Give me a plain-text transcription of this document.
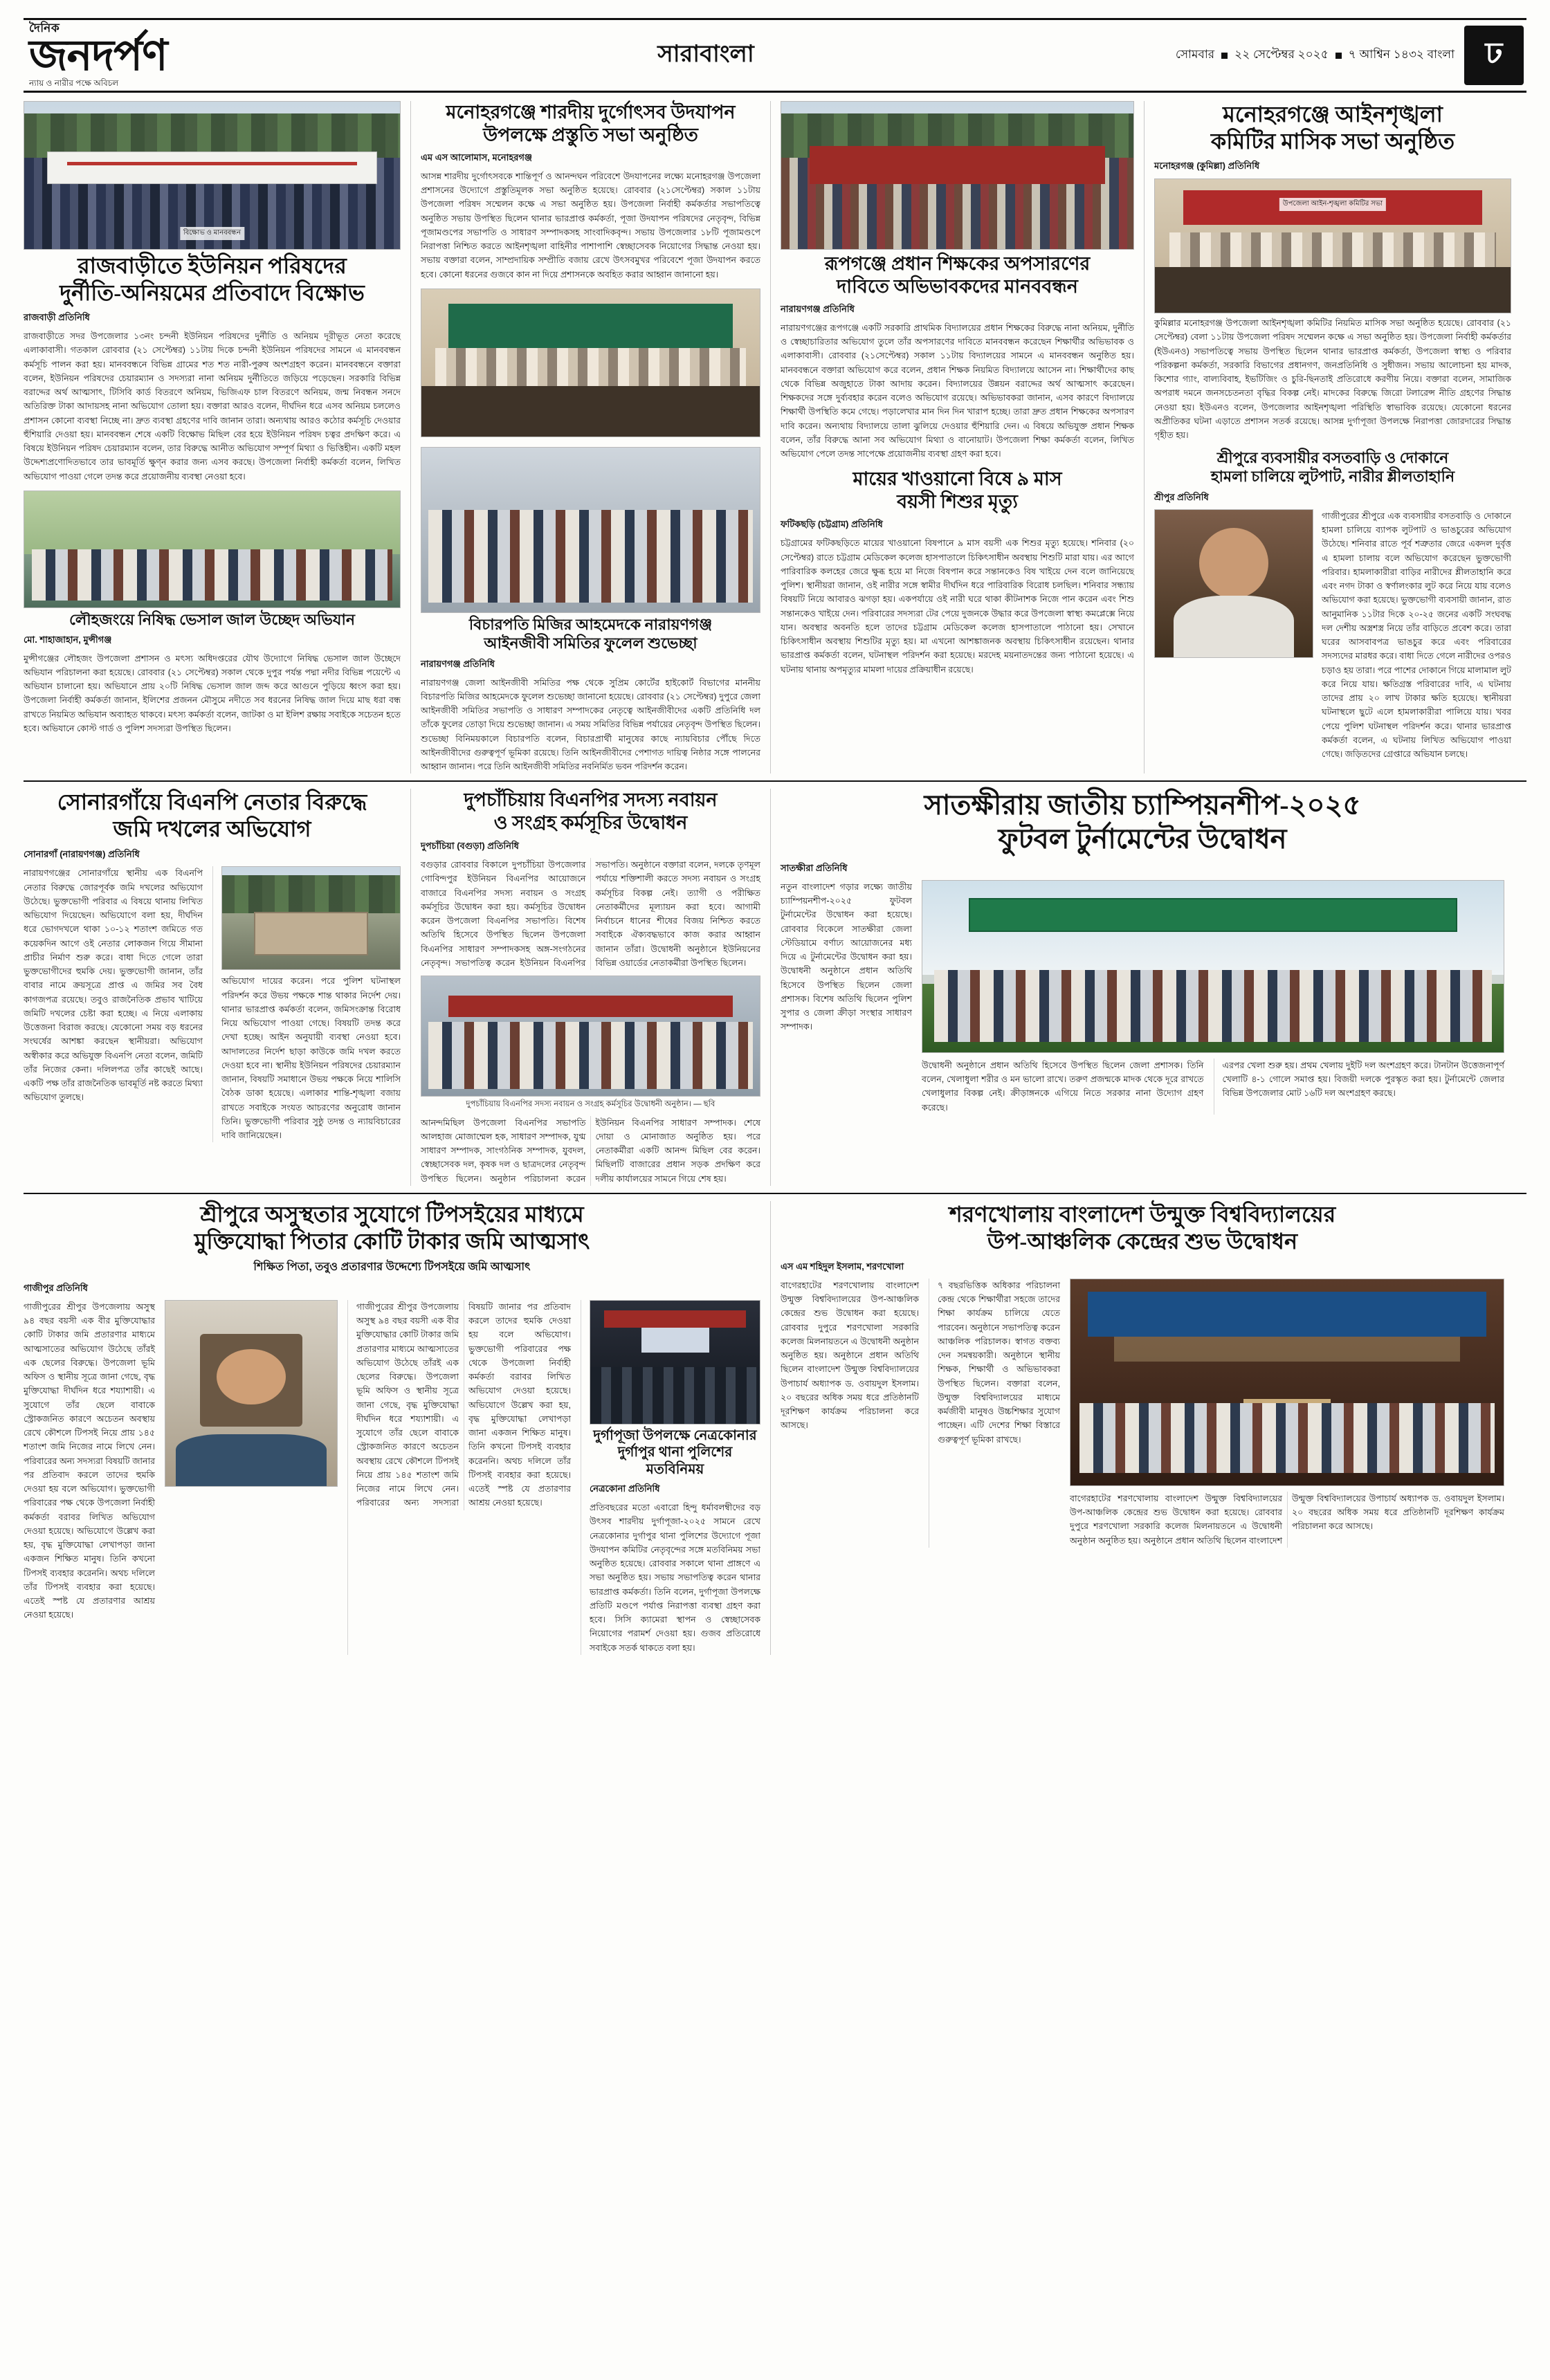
দৈনিক
জনদর্পণ
ন্যায় ও নারীর পক্ষে অবিচল
সারাবাংলা	সোমবার ২২ সেপ্টেম্বর ২০২৫ ৭ আশ্বিন ১৪৩২ বাংলা	ঢ
বিক্ষোভ ও মানববন্ধন
রাজবাড়ীতে ইউনিয়ন পরিষদের
দুর্নীতি-অনিয়মের প্রতিবাদে বিক্ষোভ
রাজবাড়ী প্রতিনিধি
রাজবাড়ীতে সদর উপজেলার ১৩নং চন্দনী ইউনিয়ন পরিষদের দুর্নীতি ও অনিয়ম দূরীভূত নেতা করেছে এলাকাবাসী। গতকাল রোববার (২১ সেপ্টেম্বর) ১১টায় দিকে চন্দনী ইউনিয়ন পরিষদের সামনে এ মানববন্ধন কর্মসূচি পালন করা হয়। মানববন্ধনে বিভিন্ন গ্রামের শত শত নারী-পুরুষ অংশগ্রহণ করেন। মানববন্ধনে বক্তারা বলেন, ইউনিয়ন পরিষদের চেয়ারম্যান ও সদস্যরা নানা অনিয়ম দুর্নীতিতে জড়িয়ে পড়েছেন। সরকারি বিভিন্ন বরাদ্দের অর্থ আত্মসাৎ, টিসিবি কার্ড বিতরণে অনিয়ম, ভিজিএফ চাল বিতরণে অনিয়ম, জন্ম নিবন্ধন সনদে অতিরিক্ত টাকা আদায়সহ নানা অভিযোগ তোলা হয়। বক্তারা আরও বলেন, দীর্ঘদিন ধরে এসব অনিয়ম চললেও প্রশাসন কোনো ব্যবস্থা নিচ্ছে না। দ্রুত ব্যবস্থা গ্রহণের দাবি জানান তারা। অন্যথায় আরও কঠোর কর্মসূচি দেওয়ার হুঁশিয়ারি দেওয়া হয়। মানববন্ধন শেষে একটি বিক্ষোভ মিছিল বের হয়ে ইউনিয়ন পরিষদ চত্বর প্রদক্ষিণ করে। এ বিষয়ে ইউনিয়ন পরিষদ চেয়ারম্যান বলেন, তার বিরুদ্ধে আনীত অভিযোগ সম্পূর্ণ মিথ্যা ও ভিত্তিহীন। একটি মহল উদ্দেশ্যপ্রণোদিতভাবে তার ভাবমূর্তি ক্ষুণ্ন করার জন্য এসব করছে। উপজেলা নির্বাহী কর্মকর্তা বলেন, লিখিত অভিযোগ পাওয়া গেলে তদন্ত করে প্রয়োজনীয় ব্যবস্থা নেওয়া হবে।
লৌহজংয়ে নিষিদ্ধ ভেসাল জাল উচ্ছেদ অভিযান
মো. শাহাজাহান, মুন্সীগঞ্জ
মুন্সীগঞ্জের লৌহজং উপজেলা প্রশাসন ও মৎস্য অধিদপ্তরের যৌথ উদ্যোগে নিষিদ্ধ ভেসাল জাল উচ্ছেদে অভিযান পরিচালনা করা হয়েছে। রোববার (২১ সেপ্টেম্বর) সকাল থেকে দুপুর পর্যন্ত পদ্মা নদীর বিভিন্ন পয়েন্টে এ অভিযান চালানো হয়। অভিযানে প্রায় ২০টি নিষিদ্ধ ভেসাল জাল জব্দ করে আগুনে পুড়িয়ে ধ্বংস করা হয়। উপজেলা নির্বাহী কর্মকর্তা জানান, ইলিশের প্রজনন মৌসুমে নদীতে সব ধরনের নিষিদ্ধ জাল দিয়ে মাছ ধরা বন্ধ রাখতে নিয়মিত অভিযান অব্যাহত থাকবে। মৎস্য কর্মকর্তা বলেন, জাটকা ও মা ইলিশ রক্ষায় সবাইকে সচেতন হতে হবে। অভিযানে কোস্ট গার্ড ও পুলিশ সদস্যরা উপস্থিত ছিলেন।
মনোহরগঞ্জে শারদীয় দুর্গোৎসব উদযাপন
উপলক্ষে প্রস্তুতি সভা অনুষ্ঠিত
এম এস আলোমাস, মনোহরগঞ্জ
আসন্ন শারদীয় দুর্গোৎসবকে শান্তিপূর্ণ ও আনন্দঘন পরিবেশে উদযাপনের লক্ষ্যে মনোহরগঞ্জ উপজেলা প্রশাসনের উদ্যোগে প্রস্তুতিমূলক সভা অনুষ্ঠিত হয়েছে। রোববার (২১সেপ্টেম্বর) সকাল ১১টায় উপজেলা পরিষদ সম্মেলন কক্ষে এ সভা অনুষ্ঠিত হয়। উপজেলা নির্বাহী কর্মকর্তার সভাপতিত্বে অনুষ্ঠিত সভায় উপস্থিত ছিলেন থানার ভারপ্রাপ্ত কর্মকর্তা, পূজা উদযাপন পরিষদের নেতৃবৃন্দ, বিভিন্ন পূজামণ্ডপের সভাপতি ও সাধারণ সম্পাদকসহ সাংবাদিকবৃন্দ। সভায় উপজেলার ১৮টি পূজামণ্ডপে নিরাপত্তা নিশ্চিত করতে আইনশৃঙ্খলা বাহিনীর পাশাপাশি স্বেচ্ছাসেবক নিয়োগের সিদ্ধান্ত নেওয়া হয়। সভায় বক্তারা বলেন, সাম্প্রদায়িক সম্প্রীতি বজায় রেখে উৎসবমুখর পরিবেশে পূজা উদযাপন করতে হবে। কোনো ধরনের গুজবে কান না দিয়ে প্রশাসনকে অবহিত করার আহ্বান জানানো হয়।
বিচারপতি মিজির আহমেদকে নারায়ণগঞ্জ
আইনজীবী সমিতির ফুলেল শুভেচ্ছা
নারায়ণগঞ্জ প্রতিনিধি
নারায়ণগঞ্জ জেলা আইনজীবী সমিতির পক্ষ থেকে সুপ্রিম কোর্টের হাইকোর্ট বিভাগের মাননীয় বিচারপতি মিজির আহমেদকে ফুলেল শুভেচ্ছা জানানো হয়েছে। রোববার (২১ সেপ্টেম্বর) দুপুরে জেলা আইনজীবী সমিতির সভাপতি ও সাধারণ সম্পাদকের নেতৃত্বে আইনজীবীদের একটি প্রতিনিধি দল তাঁকে ফুলের তোড়া দিয়ে শুভেচ্ছা জানান। এ সময় সমিতির বিভিন্ন পর্যায়ের নেতৃবৃন্দ উপস্থিত ছিলেন। শুভেচ্ছা বিনিময়কালে বিচারপতি বলেন, বিচারপ্রার্থী মানুষের কাছে ন্যায়বিচার পৌঁছে দিতে আইনজীবীদের গুরুত্বপূর্ণ ভূমিকা রয়েছে। তিনি আইনজীবীদের পেশাগত দায়িত্ব নিষ্ঠার সঙ্গে পালনের আহ্বান জানান। পরে তিনি আইনজীবী সমিতির নবনির্মিত ভবন পরিদর্শন করেন।
রূপগঞ্জে প্রধান শিক্ষকের অপসারণের
দাবিতে অভিভাবকদের মানববন্ধন
নারায়ণগঞ্জ প্রতিনিধি
নারায়ণগঞ্জের রূপগঞ্জে একটি সরকারি প্রাথমিক বিদ্যালয়ের প্রধান শিক্ষকের বিরুদ্ধে নানা অনিয়ম, দুর্নীতি ও স্বেচ্ছাচারিতার অভিযোগ তুলে তাঁর অপসারণের দাবিতে মানববন্ধন করেছেন শিক্ষার্থীর অভিভাবক ও এলাকাবাসী। রোববার (২১সেপ্টেম্বর) সকাল ১১টায় বিদ্যালয়ের সামনে এ মানববন্ধন অনুষ্ঠিত হয়। মানববন্ধনে বক্তারা অভিযোগ করে বলেন, প্রধান শিক্ষক নিয়মিত বিদ্যালয়ে আসেন না। শিক্ষার্থীদের কাছ থেকে বিভিন্ন অজুহাতে টাকা আদায় করেন। বিদ্যালয়ের উন্নয়ন বরাদ্দের অর্থ আত্মসাৎ করেছেন। শিক্ষকদের সঙ্গে দুর্ব্যবহার করেন বলেও অভিযোগ রয়েছে। অভিভাবকরা জানান, এসব কারণে বিদ্যালয়ে শিক্ষার্থী উপস্থিতি কমে গেছে। পড়ালেখার মান দিন দিন খারাপ হচ্ছে। তারা দ্রুত প্রধান শিক্ষকের অপসারণ দাবি করেন। অন্যথায় বিদ্যালয়ে তালা ঝুলিয়ে দেওয়ার হুঁশিয়ারি দেন। এ বিষয়ে অভিযুক্ত প্রধান শিক্ষক বলেন, তাঁর বিরুদ্ধে আনা সব অভিযোগ মিথ্যা ও বানোয়াট। উপজেলা শিক্ষা কর্মকর্তা বলেন, লিখিত অভিযোগ পেলে তদন্ত সাপেক্ষে প্রয়োজনীয় ব্যবস্থা গ্রহণ করা হবে।
মায়ের খাওয়ানো বিষে ৯ মাস
বয়সী শিশুর মৃত্যু
ফটিকছড়ি (চট্টগ্রাম) প্রতিনিধি
চট্টগ্রামের ফটিকছড়িতে মায়ের খাওয়ানো বিষপানে ৯ মাস বয়সী এক শিশুর মৃত্যু হয়েছে। শনিবার (২০ সেপ্টেম্বর) রাতে চট্টগ্রাম মেডিকেল কলেজ হাসপাতালে চিকিৎসাধীন অবস্থায় শিশুটি মারা যায়। এর আগে পারিবারিক কলহের জেরে ক্ষুব্ধ হয়ে মা নিজে বিষপান করে সন্তানকেও বিষ খাইয়ে দেন বলে জানিয়েছে পুলিশ। স্থানীয়রা জানান, ওই নারীর সঙ্গে স্বামীর দীর্ঘদিন ধরে পারিবারিক বিরোধ চলছিল। শনিবার সন্ধ্যায় বিষয়টি নিয়ে আবারও ঝগড়া হয়। একপর্যায়ে ওই নারী ঘরে থাকা কীটনাশক নিজে পান করেন এবং শিশু সন্তানকেও খাইয়ে দেন। পরিবারের সদস্যরা টের পেয়ে দুজনকে উদ্ধার করে উপজেলা স্বাস্থ্য কমপ্লেক্সে নিয়ে যান। অবস্থার অবনতি হলে তাদের চট্টগ্রাম মেডিকেল কলেজ হাসপাতালে পাঠানো হয়। সেখানে চিকিৎসাধীন অবস্থায় শিশুটির মৃত্যু হয়। মা এখনো আশঙ্কাজনক অবস্থায় চিকিৎসাধীন রয়েছেন। থানার ভারপ্রাপ্ত কর্মকর্তা বলেন, ঘটনাস্থল পরিদর্শন করা হয়েছে। মরদেহ ময়নাতদন্তের জন্য পাঠানো হয়েছে। এ ঘটনায় থানায় অপমৃত্যুর মামলা দায়ের প্রক্রিয়াধীন রয়েছে।
মনোহরগঞ্জে আইনশৃঙ্খলা
কমিটির মাসিক সভা অনুষ্ঠিত
মনোহরগঞ্জ (কুমিল্লা) প্রতিনিধি
উপজেলা আইন-শৃঙ্খলা কমিটির সভা
কুমিল্লার মনোহরগঞ্জ উপজেলা আইনশৃঙ্খলা কমিটির নিয়মিত মাসিক সভা অনুষ্ঠিত হয়েছে। রোববার (২১ সেপ্টেম্বর) বেলা ১১টায় উপজেলা পরিষদ সম্মেলন কক্ষে এ সভা অনুষ্ঠিত হয়। উপজেলা নির্বাহী কর্মকর্তার (ইউএনও) সভাপতিত্বে সভায় উপস্থিত ছিলেন থানার ভারপ্রাপ্ত কর্মকর্তা, উপজেলা স্বাস্থ্য ও পরিবার পরিকল্পনা কর্মকর্তা, সরকারি বিভাগের প্রধানগণ, জনপ্রতিনিধি ও সুধীজন। সভায় আলোচনা হয় মাদক, কিশোর গ্যাং, বাল্যবিবাহ, ইভটিজিং ও চুরি-ছিনতাই প্রতিরোধে করণীয় নিয়ে। বক্তারা বলেন, সামাজিক অপরাধ দমনে জনসচেতনতা বৃদ্ধির বিকল্প নেই। মাদকের বিরুদ্ধে জিরো টলারেন্স নীতি গ্রহণের সিদ্ধান্ত নেওয়া হয়। ইউএনও বলেন, উপজেলার আইনশৃঙ্খলা পরিস্থিতি স্বাভাবিক রয়েছে। যেকোনো ধরনের অপ্রীতিকর ঘটনা এড়াতে প্রশাসন সতর্ক রয়েছে। আসন্ন দুর্গাপূজা উপলক্ষে নিরাপত্তা জোরদারের সিদ্ধান্ত গৃহীত হয়।
শ্রীপুরে ব্যবসায়ীর বসতবাড়ি ও দোকানে
হামলা চালিয়ে লুটপাট, নারীর শ্লীলতাহানি
শ্রীপুর প্রতিনিধি
গাজীপুরের শ্রীপুরে এক ব্যবসায়ীর বসতবাড়ি ও দোকানে হামলা চালিয়ে ব্যাপক লুটপাট ও ভাঙচুরের অভিযোগ উঠেছে। শনিবার রাতে পূর্ব শত্রুতার জেরে একদল দুর্বৃত্ত এ হামলা চালায় বলে অভিযোগ করেছেন ভুক্তভোগী পরিবার। হামলাকারীরা বাড়ির নারীদের শ্লীলতাহানি করে এবং নগদ টাকা ও স্বর্ণালংকার লুট করে নিয়ে যায় বলেও অভিযোগ করা হয়েছে। ভুক্তভোগী ব্যবসায়ী জানান, রাত আনুমানিক ১১টার দিকে ২০-২৫ জনের একটি সংঘবদ্ধ দল দেশীয় অস্ত্রশস্ত্র নিয়ে তাঁর বাড়িতে প্রবেশ করে। তারা ঘরের আসবাবপত্র ভাঙচুর করে এবং পরিবারের সদস্যদের মারধর করে। বাধা দিতে গেলে নারীদের ওপরও চড়াও হয় তারা। পরে পাশের দোকানে গিয়ে মালামাল লুট করে নিয়ে যায়। ক্ষতিগ্রস্ত পরিবারের দাবি, এ ঘটনায় তাদের প্রায় ২০ লাখ টাকার ক্ষতি হয়েছে। স্থানীয়রা ঘটনাস্থলে ছুটে এলে হামলাকারীরা পালিয়ে যায়। খবর পেয়ে পুলিশ ঘটনাস্থল পরিদর্শন করে। থানার ভারপ্রাপ্ত কর্মকর্তা বলেন, এ ঘটনায় লিখিত অভিযোগ পাওয়া গেছে। জড়িতদের গ্রেপ্তারে অভিযান চলছে।
সোনারগাঁয়ে বিএনপি নেতার বিরুদ্ধে
জমি দখলের অভিযোগ
সোনারগাঁ (নারায়ণগঞ্জ) প্রতিনিধি
নারায়ণগঞ্জের সোনারগাঁয়ে স্থানীয় এক বিএনপি নেতার বিরুদ্ধে জোরপূর্বক জমি দখলের অভিযোগ উঠেছে। ভুক্তভোগী পরিবার এ বিষয়ে থানায় লিখিত অভিযোগ দিয়েছেন। অভিযোগে বলা হয়, দীর্ঘদিন ধরে ভোগদখলে থাকা ১০-১২ শতাংশ জমিতে গত কয়েকদিন আগে ওই নেতার লোকজন গিয়ে সীমানা প্রাচীর নির্মাণ শুরু করে। বাধা দিতে গেলে তারা ভুক্তভোগীদের হুমকি দেয়। ভুক্তভোগী জানান, তাঁর বাবার নামে ক্রয়সূত্রে প্রাপ্ত এ জমির সব বৈধ কাগজপত্র রয়েছে। তবুও রাজনৈতিক প্রভাব খাটিয়ে জমিটি দখলের চেষ্টা করা হচ্ছে। এ নিয়ে এলাকায় উত্তেজনা বিরাজ করছে। যেকোনো সময় বড় ধরনের সংঘর্ষের আশঙ্কা করছেন স্থানীয়রা। অভিযোগ অস্বীকার করে অভিযুক্ত বিএনপি নেতা বলেন, জমিটি তাঁর নিজের কেনা। দলিলপত্র তাঁর কাছেই আছে। একটি পক্ষ তাঁর রাজনৈতিক ভাবমূর্তি নষ্ট করতে মিথ্যা অভিযোগ তুলছে।
অভিযোগ দায়ের করেন। পরে পুলিশ ঘটনাস্থল পরিদর্শন করে উভয় পক্ষকে শান্ত থাকার নির্দেশ দেয়। থানার ভারপ্রাপ্ত কর্মকর্তা বলেন, জমিসংক্রান্ত বিরোধ নিয়ে অভিযোগ পাওয়া গেছে। বিষয়টি তদন্ত করে দেখা হচ্ছে। আইন অনুযায়ী ব্যবস্থা নেওয়া হবে। আদালতের নির্দেশ ছাড়া কাউকে জমি দখল করতে দেওয়া হবে না। স্থানীয় ইউনিয়ন পরিষদের চেয়ারম্যান জানান, বিষয়টি সমাধানে উভয় পক্ষকে নিয়ে শালিসি বৈঠক ডাকা হয়েছে। এলাকার শান্তি-শৃঙ্খলা বজায় রাখতে সবাইকে সংযত আচরণের অনুরোধ জানান তিনি। ভুক্তভোগী পরিবার সুষ্ঠু তদন্ত ও ন্যায়বিচারের দাবি জানিয়েছেন।
দুপচাঁচিয়ায় বিএনপির সদস্য নবায়ন
ও সংগ্রহ কর্মসূচির উদ্বোধন
দুপচাঁচিয়া (বগুড়া) প্রতিনিধি
বগুড়ার রোববার বিকালে দুপচাঁচিয়া উপজেলার গোবিন্দপুর ইউনিয়ন বিএনপির আয়োজনে বাজারে বিএনপির সদস্য নবায়ন ও সংগ্রহ কর্মসূচির উদ্বোধন করা হয়। কর্মসূচির উদ্বোধন করেন উপজেলা বিএনপির সভাপতি। বিশেষ অতিথি হিসেবে উপস্থিত ছিলেন উপজেলা বিএনপির সাধারণ সম্পাদকসহ অঙ্গ-সংগঠনের নেতৃবৃন্দ। সভাপতিত্ব করেন ইউনিয়ন বিএনপির সভাপতি। অনুষ্ঠানে বক্তারা বলেন, দলকে তৃণমূল পর্যায়ে শক্তিশালী করতে সদস্য নবায়ন ও সংগ্রহ কর্মসূচির বিকল্প নেই। ত্যাগী ও পরীক্ষিত নেতাকর্মীদের মূল্যায়ন করা হবে। আগামী নির্বাচনে ধানের শীষের বিজয় নিশ্চিত করতে সবাইকে ঐক্যবদ্ধভাবে কাজ করার আহ্বান জানান তাঁরা। উদ্বোধনী অনুষ্ঠানে ইউনিয়নের বিভিন্ন ওয়ার্ডের নেতাকর্মীরা উপস্থিত ছিলেন।
দুপচাঁচিয়ায় বিএনপির সদস্য নবায়ন ও সংগ্রহ কর্মসূচির উদ্বোধনী অনুষ্ঠান। — ছবি
আনন্দমিছিল উপজেলা বিএনপির সভাপতি আলহাজ মোজাম্মেল হক, সাধারণ সম্পাদক, যুগ্ম সাধারণ সম্পাদক, সাংগঠনিক সম্পাদক, যুবদল, স্বেচ্ছাসেবক দল, কৃষক দল ও ছাত্রদলের নেতৃবৃন্দ উপস্থিত ছিলেন। অনুষ্ঠান পরিচালনা করেন ইউনিয়ন বিএনপির সাধারণ সম্পাদক। শেষে দোয়া ও মোনাজাত অনুষ্ঠিত হয়। পরে নেতাকর্মীরা একটি আনন্দ মিছিল বের করেন। মিছিলটি বাজারের প্রধান সড়ক প্রদক্ষিণ করে দলীয় কার্যালয়ের সামনে গিয়ে শেষ হয়।
সাতক্ষীরায় জাতীয় চ্যাম্পিয়নশীপ-২০২৫
ফুটবল টুর্নামেন্টের উদ্বোধন
সাতক্ষীরা প্রতিনিধি
নতুন বাংলাদেশ গড়ার লক্ষ্যে জাতীয় চ্যাম্পিয়নশীপ-২০২৫ ফুটবল টুর্নামেন্টের উদ্বোধন করা হয়েছে। রোববার বিকেলে সাতক্ষীরা জেলা স্টেডিয়ামে বর্ণাঢ্য আয়োজনের মধ্য দিয়ে এ টুর্নামেন্টের উদ্বোধন করা হয়। উদ্বোধনী অনুষ্ঠানে প্রধান অতিথি হিসেবে উপস্থিত ছিলেন জেলা প্রশাসক। বিশেষ অতিথি ছিলেন পুলিশ সুপার ও জেলা ক্রীড়া সংস্থার সাধারণ সম্পাদক।
উদ্বোধনী অনুষ্ঠানে প্রধান অতিথি হিসেবে উপস্থিত ছিলেন জেলা প্রশাসক। তিনি বলেন, খেলাধুলা শরীর ও মন ভালো রাখে। তরুণ প্রজন্মকে মাদক থেকে দূরে রাখতে খেলাধুলার বিকল্প নেই। ক্রীড়াঙ্গনকে এগিয়ে নিতে সরকার নানা উদ্যোগ গ্রহণ করেছে।
এরপর খেলা শুরু হয়। প্রথম খেলায় দুইটি দল অংশগ্রহণ করে। টানটান উত্তেজনাপূর্ণ খেলাটি ৪-১ গোলে সমাপ্ত হয়। বিজয়ী দলকে পুরস্কৃত করা হয়। টুর্নামেন্টে জেলার বিভিন্ন উপজেলার মোট ১৬টি দল অংশগ্রহণ করছে।
শ্রীপুরে অসুস্থতার সুযোগে টিপসইয়ের মাধ্যমে
মুক্তিযোদ্ধা পিতার কোটি টাকার জমি আত্মসাৎ
শিক্ষিত পিতা, তবুও প্রতারণার উদ্দেশ্যে টিপসইয়ে জমি আত্মসাৎ
গাজীপুর প্রতিনিধি
গাজীপুরের শ্রীপুর উপজেলায় অসুস্থ ৯৪ বছর বয়সী এক বীর মুক্তিযোদ্ধার কোটি টাকার জমি প্রতারণার মাধ্যমে আত্মসাতের অভিযোগ উঠেছে তাঁরই এক ছেলের বিরুদ্ধে। উপজেলা ভূমি অফিস ও স্থানীয় সূত্রে জানা গেছে, বৃদ্ধ মুক্তিযোদ্ধা দীর্ঘদিন ধরে শয্যাশায়ী। এ সুযোগে তাঁর ছেলে বাবাকে স্ট্রোকজনিত কারণে অচেতন অবস্থায় রেখে কৌশলে টিপসই নিয়ে প্রায় ১৪৫ শতাংশ জমি নিজের নামে লিখে নেন। পরিবারের অন্য সদস্যরা বিষয়টি জানার পর প্রতিবাদ করলে তাদের হুমকি দেওয়া হয় বলে অভিযোগ। ভুক্তভোগী পরিবারের পক্ষ থেকে উপজেলা নির্বাহী কর্মকর্তা বরাবর লিখিত অভিযোগ দেওয়া হয়েছে। অভিযোগে উল্লেখ করা হয়, বৃদ্ধ মুক্তিযোদ্ধা লেখাপড়া জানা একজন শিক্ষিত মানুষ। তিনি কখনো টিপসই ব্যবহার করেননি। অথচ দলিলে তাঁর টিপসই ব্যবহার করা হয়েছে। এতেই স্পষ্ট যে প্রতারণার আশ্রয় নেওয়া হয়েছে।
গাজীপুরের শ্রীপুর উপজেলায় অসুস্থ ৯৪ বছর বয়সী এক বীর মুক্তিযোদ্ধার কোটি টাকার জমি প্রতারণার মাধ্যমে আত্মসাতের অভিযোগ উঠেছে তাঁরই এক ছেলের বিরুদ্ধে। উপজেলা ভূমি অফিস ও স্থানীয় সূত্রে জানা গেছে, বৃদ্ধ মুক্তিযোদ্ধা দীর্ঘদিন ধরে শয্যাশায়ী। এ সুযোগে তাঁর ছেলে বাবাকে স্ট্রোকজনিত কারণে অচেতন অবস্থায় রেখে কৌশলে টিপসই নিয়ে প্রায় ১৪৫ শতাংশ জমি নিজের নামে লিখে নেন। পরিবারের অন্য সদস্যরা বিষয়টি জানার পর প্রতিবাদ করলে তাদের হুমকি দেওয়া হয় বলে অভিযোগ। ভুক্তভোগী পরিবারের পক্ষ থেকে উপজেলা নির্বাহী কর্মকর্তা বরাবর লিখিত অভিযোগ দেওয়া হয়েছে। অভিযোগে উল্লেখ করা হয়, বৃদ্ধ মুক্তিযোদ্ধা লেখাপড়া জানা একজন শিক্ষিত মানুষ। তিনি কখনো টিপসই ব্যবহার করেননি। অথচ দলিলে তাঁর টিপসই ব্যবহার করা হয়েছে। এতেই স্পষ্ট যে প্রতারণার আশ্রয় নেওয়া হয়েছে।
দুর্গাপূজা উপলক্ষে নেত্রকোনার
দুর্গাপুর থানা পুলিশের মতবিনিময়
নেত্রকোনা প্রতিনিধি
প্রতিবছরের মতো এবারো হিন্দু ধর্মাবলম্বীদের বড় উৎসব শারদীয় দুর্গাপূজা-২০২৫ সামনে রেখে নেত্রকোনার দুর্গাপুর থানা পুলিশের উদ্যোগে পূজা উদযাপন কমিটির নেতৃবৃন্দের সঙ্গে মতবিনিময় সভা অনুষ্ঠিত হয়েছে। রোববার সকালে থানা প্রাঙ্গণে এ সভা অনুষ্ঠিত হয়। সভায় সভাপতিত্ব করেন থানার ভারপ্রাপ্ত কর্মকর্তা। তিনি বলেন, দুর্গাপূজা উপলক্ষে প্রতিটি মণ্ডপে পর্যাপ্ত নিরাপত্তা ব্যবস্থা গ্রহণ করা হবে। সিসি ক্যামেরা স্থাপন ও স্বেচ্ছাসেবক নিয়োগের পরামর্শ দেওয়া হয়। গুজব প্রতিরোধে সবাইকে সতর্ক থাকতে বলা হয়।
শরণখোলায় বাংলাদেশ উন্মুক্ত বিশ্ববিদ্যালয়ের
উপ-আঞ্চলিক কেন্দ্রের শুভ উদ্বোধন
এস এম শহিদুল ইসলাম, শরণখোলা
বাগেরহাটের শরণখোলায় বাংলাদেশ উন্মুক্ত বিশ্ববিদ্যালয়ের উপ-আঞ্চলিক কেন্দ্রের শুভ উদ্বোধন করা হয়েছে। রোববার দুপুরে শরণখোলা সরকারি কলেজ মিলনায়তনে এ উদ্বোধনী অনুষ্ঠান অনুষ্ঠিত হয়। অনুষ্ঠানে প্রধান অতিথি ছিলেন বাংলাদেশ উন্মুক্ত বিশ্ববিদ্যালয়ের উপাচার্য অধ্যাপক ড. ওবায়দুল ইসলাম। ২০ বছরের অধিক সময় ধরে প্রতিষ্ঠানটি দূরশিক্ষণ কার্যক্রম পরিচালনা করে আসছে।
৭ বছরভিত্তিক অধিকার পরিচালনা কেন্দ্র থেকে শিক্ষার্থীরা সহজে তাদের শিক্ষা কার্যক্রম চালিয়ে যেতে পারবেন। অনুষ্ঠানে সভাপতিত্ব করেন আঞ্চলিক পরিচালক। স্বাগত বক্তব্য দেন সমন্বয়কারী। অনুষ্ঠানে স্থানীয় শিক্ষক, শিক্ষার্থী ও অভিভাবকরা উপস্থিত ছিলেন। বক্তারা বলেন, উন্মুক্ত বিশ্ববিদ্যালয়ের মাধ্যমে কর্মজীবী মানুষও উচ্চশিক্ষার সুযোগ পাচ্ছেন। এটি দেশের শিক্ষা বিস্তারে গুরুত্বপূর্ণ ভূমিকা রাখছে।
বাগেরহাটের শরণখোলায় বাংলাদেশ উন্মুক্ত বিশ্ববিদ্যালয়ের উপ-আঞ্চলিক কেন্দ্রের শুভ উদ্বোধন করা হয়েছে। রোববার দুপুরে শরণখোলা সরকারি কলেজ মিলনায়তনে এ উদ্বোধনী অনুষ্ঠান অনুষ্ঠিত হয়। অনুষ্ঠানে প্রধান অতিথি ছিলেন বাংলাদেশ উন্মুক্ত বিশ্ববিদ্যালয়ের উপাচার্য অধ্যাপক ড. ওবায়দুল ইসলাম। ২০ বছরের অধিক সময় ধরে প্রতিষ্ঠানটি দূরশিক্ষণ কার্যক্রম পরিচালনা করে আসছে।
